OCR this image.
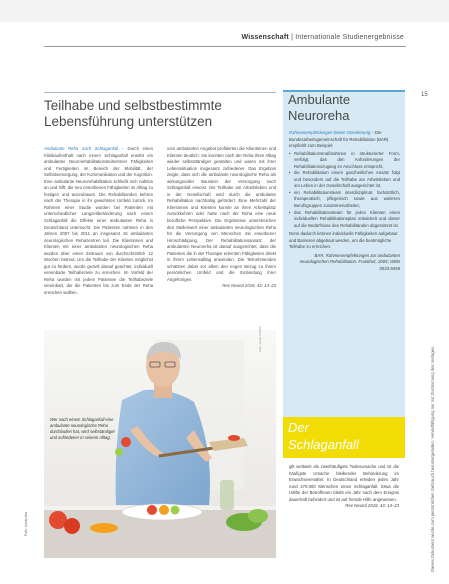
Wissenschaft | Internationale Studienergebnisse
15
Teilhabe und selbstbestimmte
Lebensführung unterstützen

Ambulante Reha nach Schlaganfall – Durch einen Klinikaufenthalt nach einem Schlaganfall erwirbt ein ambulanter Neurorehabilitationsteilnehmer Fähigkeiten und Fertigkeiten im Bereich der Mobilität, der Selbstversorgung, der Kommunikation und der Kognition. Eine ambulante Neurorehabilitation schließt sich nahtlos an und hilft, die neu erworbenen Fähigkeiten im Alltag zu festigen und auszubauen. Die Rehabilitanden kehren nach der Therapie in ihr gewohntes Umfeld zurück. Im Rahmen einer Studie wurden bei Patienten mit unterschiedlicher Langzeitbehinderung nach einem Schlaganfall die Effekte einer ambulanten Reha in Deutschland untersucht. Die Patienten nahmen in den Jahren 2007 bis 2011 an insgesamt 15 ambulanten neurologischen Rehazentren teil. Die Klientinnen und Klienten mit einer ambulanten neurologischen Reha wurden über einen Zeitraum von durchschnittlich 12 Wochen betreut. Um die Teilhabe der Klienten möglichst gut zu fördern, wurde gezielt darauf geachtet, individuell vereinbarte Teilhabeziele zu erreichen. Im Vorfeld der Reha wurden mit jedem Patienten die Teilhabeziele vereinbart, die die Patienten bis zum Ende der Reha erreichen wollten.

vom ambulanten Angebot profitierten die Klientinnen und Klienten deutlich: Sie konnten nach der Reha ihren Alltag wieder selbstständiger gestalten und waren mit ihrer Lebenssituation insgesamt zufriedener. Das Ergebnis zeigte, dass sich die ambulante neurologische Reha als wirkungsvoller Baustein der Versorgung nach Schlaganfall erweist. Die Teilhabe am Arbeitsleben und in der Gesellschaft wird durch die ambulante Rehabilitation nachhaltig gefördert. Eine Mehrzahl der Klientinnen und Klienten konnte an ihren Arbeitsplatz zurückkehren oder hatte nach der Reha eine neue berufliche Perspektive. Die Ergebnisse unterstreichen den Stellenwert einer ambulanten neurologischen Reha für die Versorgung von Menschen mit erworbener Hirnschädigung. Der Rehabilitationsansatz der ambulanten Neuroreha ist darauf ausgerichtet, dass die Patienten die in der Therapie erlernten Fähigkeiten direkt in ihrem Lebensalltag anwenden. Die Teilnehmenden schätzten dabei vor allem den engen Bezug zu ihrem persönlichen Umfeld und die Einbindung ihrer Angehörigen.

Rev Neurol 2018, 43: 14–23

Foto: photo-lisa
Foto: privat / fotolia

Wer nach einem Schlaganfall eine ambulante neurologische Reha durchlaufen hat, wird selbständiger und zufriedener in seinem Alltag.

Ambulante
Neuroreha

Rahmenempfehlungen bieten Orientierung – Die Bundesarbeitsgemeinschaft für Rehabilitation (BAR) empfiehlt zum Beispiel:

• Rehabilitationsmaßnahmen in strukturierter Form, verfolgt, das den Anforderungen der Rehabilitationszugang im Anschluss entspricht,
• die Rehabilitation einem ganzheitlichen Ansatz folgt und besonders auf die Teilhabe am Arbeitsleben und am Leben in der Gesellschaft ausgerichtet ist,
• ein Rehabilitationsteam interdisziplinär, fachärztlich, therapeutisch, pflegerisch sowie aus weiteren Berufsgruppen zusammenarbeitet,
• das Rehabilitationsteam für jeden Klienten einen individuellen Rehabilitationsplan entwickelt und dieser auf die Bedürfnisse des Rehabilitanden abgestimmt ist.

Denn dadurch können individuelle Fähigkeiten aufgebaut und Barrieren abgebaut werden, um die bestmögliche Teilhabe zu erreichen.

BAR, Rahmenempfehlungen zur ambulanten neurologischen Rehabilitation. Frankfurt, 2005; ISBN 0933-8456

Der
Schlaganfall

gilt weltweit als zweithäufigste Todesursache und ist die häufigste Ursache bleibender Behinderung im Erwachsenenalter. In Deutschland erleiden jedes Jahr rund 270.000 Menschen einen Schlaganfall. Etwa die Hälfte der Betroffenen bleibt ein Jahr nach dem Ereignis dauerhaft behindert und ist auf fremde Hilfe angewiesen.

Rev Neurol 2018, 43: 14–23	Dieses Dokument wurde zum persönlichen Gebrauch heruntergeladen. Vervielfältigung nur mit Zustimmung des Verlages.
